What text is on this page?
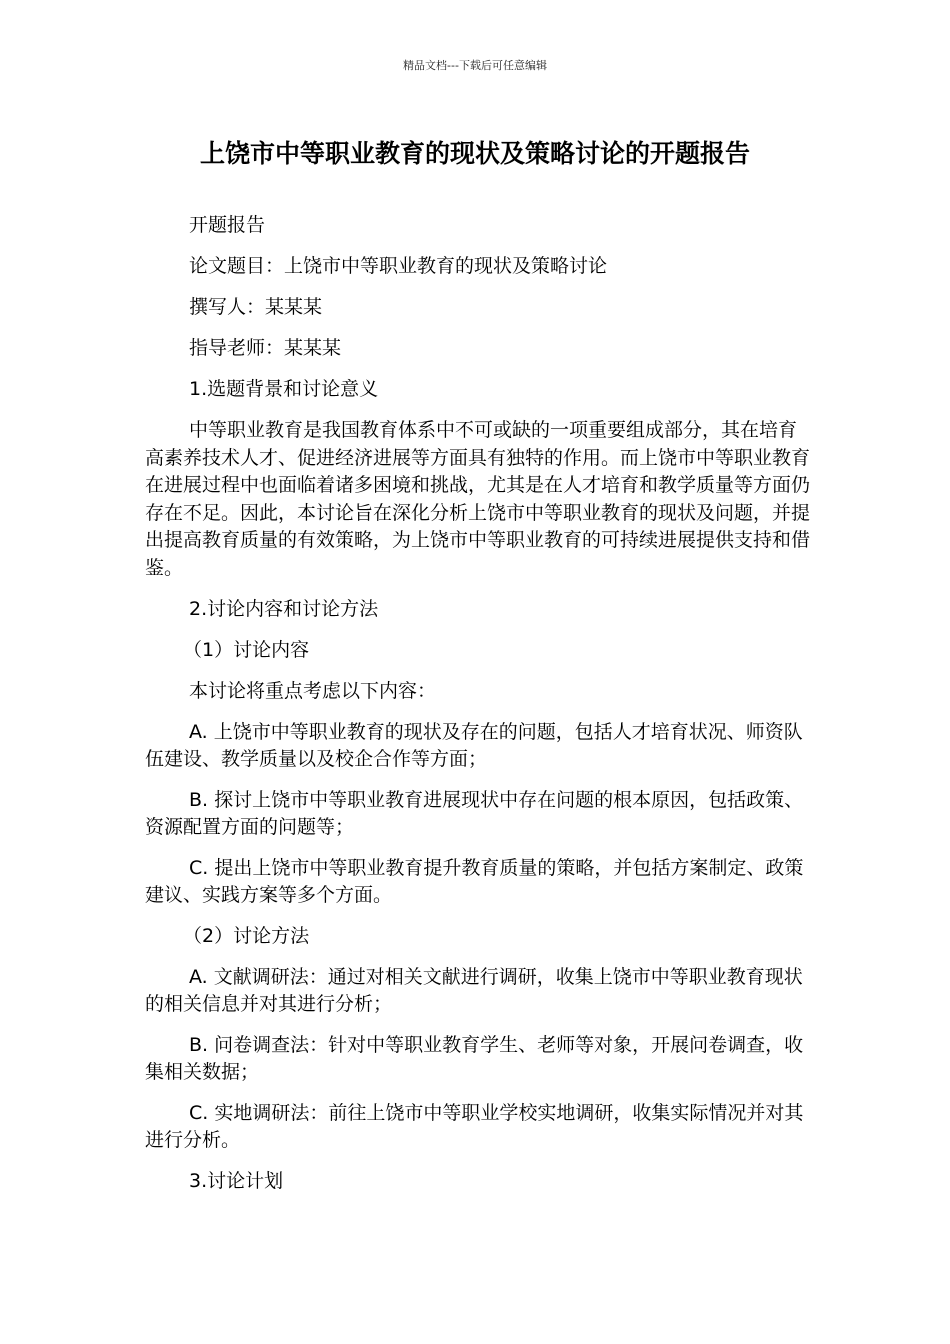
精品文档---下载后可任意编辑
上饶市中等职业教育的现状及策略讨论的开题报告

开题报告

论文题目：上饶市中等职业教育的现状及策略讨论

撰写人：某某某

指导老师：某某某

1.选题背景和讨论意义

中等职业教育是我国教育体系中不可或缺的一项重要组成部分，其在培育高素养技术人才、促进经济进展等方面具有独特的作用。而上饶市中等职业教育在进展过程中也面临着诸多困境和挑战，尤其是在人才培育和教学质量等方面仍存在不足。因此，本讨论旨在深化分析上饶市中等职业教育的现状及问题，并提出提高教育质量的有效策略，为上饶市中等职业教育的可持续进展提供支持和借鉴。

2.讨论内容和讨论方法

（1）讨论内容

本讨论将重点考虑以下内容：

A. 上饶市中等职业教育的现状及存在的问题，包括人才培育状况、师资队伍建设、教学质量以及校企合作等方面；

B. 探讨上饶市中等职业教育进展现状中存在问题的根本原因，包括政策、资源配置方面的问题等；

C. 提出上饶市中等职业教育提升教育质量的策略，并包括方案制定、政策建议、实践方案等多个方面。

（2）讨论方法

A. 文献调研法：通过对相关文献进行调研，收集上饶市中等职业教育现状的相关信息并对其进行分析；

B. 问卷调查法：针对中等职业教育学生、老师等对象，开展问卷调查，收集相关数据；

C. 实地调研法：前往上饶市中等职业学校实地调研，收集实际情况并对其进行分析。

3.讨论计划
